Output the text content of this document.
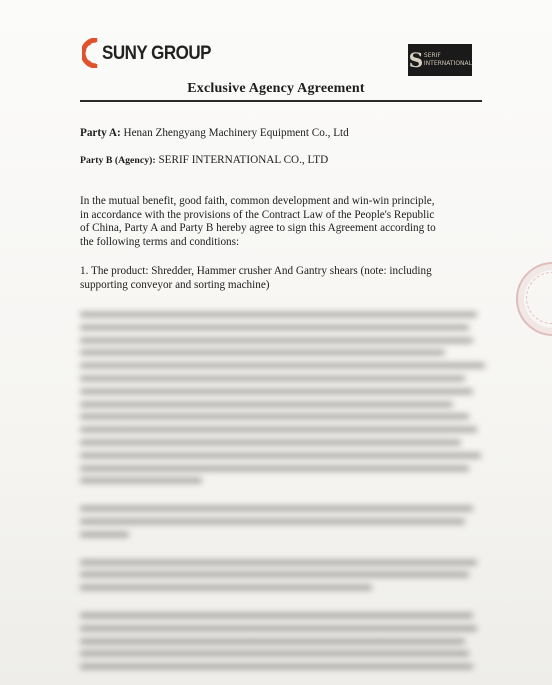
SUNY GROUP	S SERIF
INTERNATIONAL
Exclusive Agency Agreement
Party A: Henan Zhengyang Machinery Equipment Co., Ltd
Party B (Agency): SERIF INTERNATIONAL CO., LTD
In the mutual benefit, good faith, common development and win-win principle,
in accordance with the provisions of the Contract Law of the People's Republic
of China, Party A and Party B hereby agree to sign this Agreement according to
the following terms and conditions:
1. The product: Shredder, Hammer crusher And Gantry shears (note: including
supporting conveyor and sorting machine)
